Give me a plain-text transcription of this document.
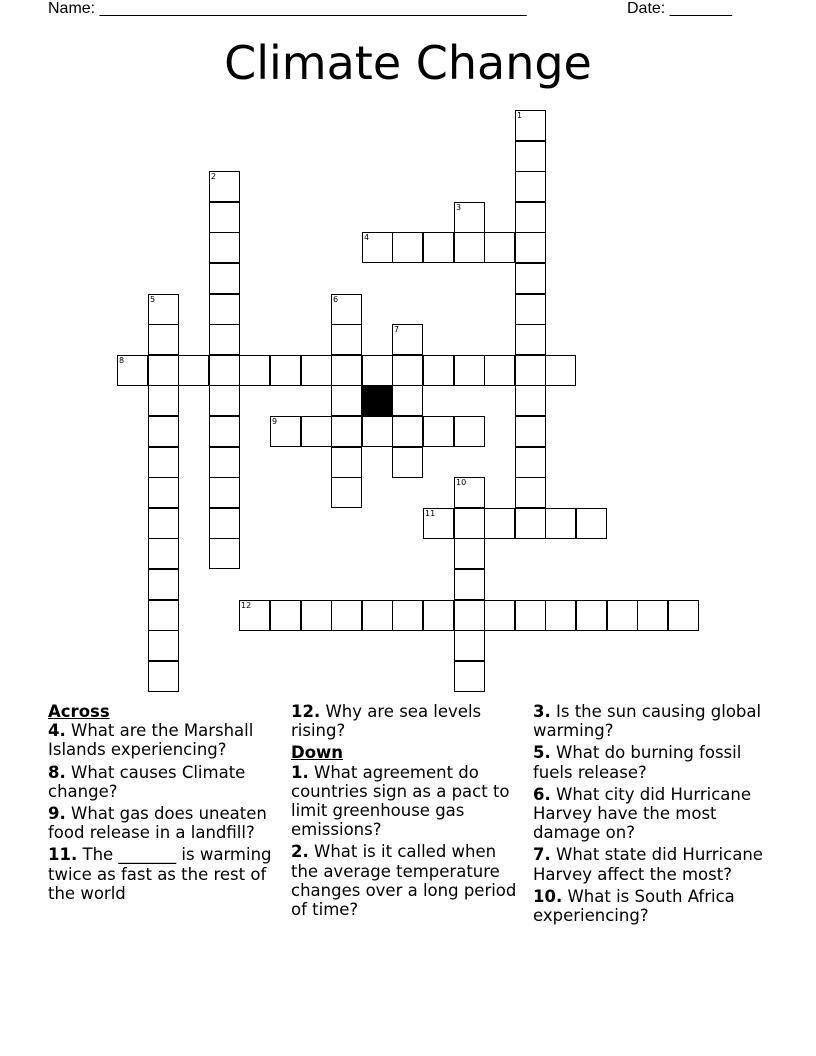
Name: ________________________________________________	Date: _______
Climate Change
1
2
3
4
5	6
7
8
9
10
11
12

Across

4. What are the Marshall Islands experiencing?

8. What causes Climate change?

9. What gas does uneaten food release in a landfill?

11. The _______ is warming twice as fast as the rest of the world

12. Why are sea levels rising?

Down

1. What agreement do countries sign as a pact to limit greenhouse gas emissions?

2. What is it called when the average temperature changes over a long period of time?

3. Is the sun causing global warming?

5. What do burning fossil fuels release?

6. What city did Hurricane Harvey have the most damage on?

7. What state did Hurricane Harvey affect the most?

10. What is South Africa experiencing?
